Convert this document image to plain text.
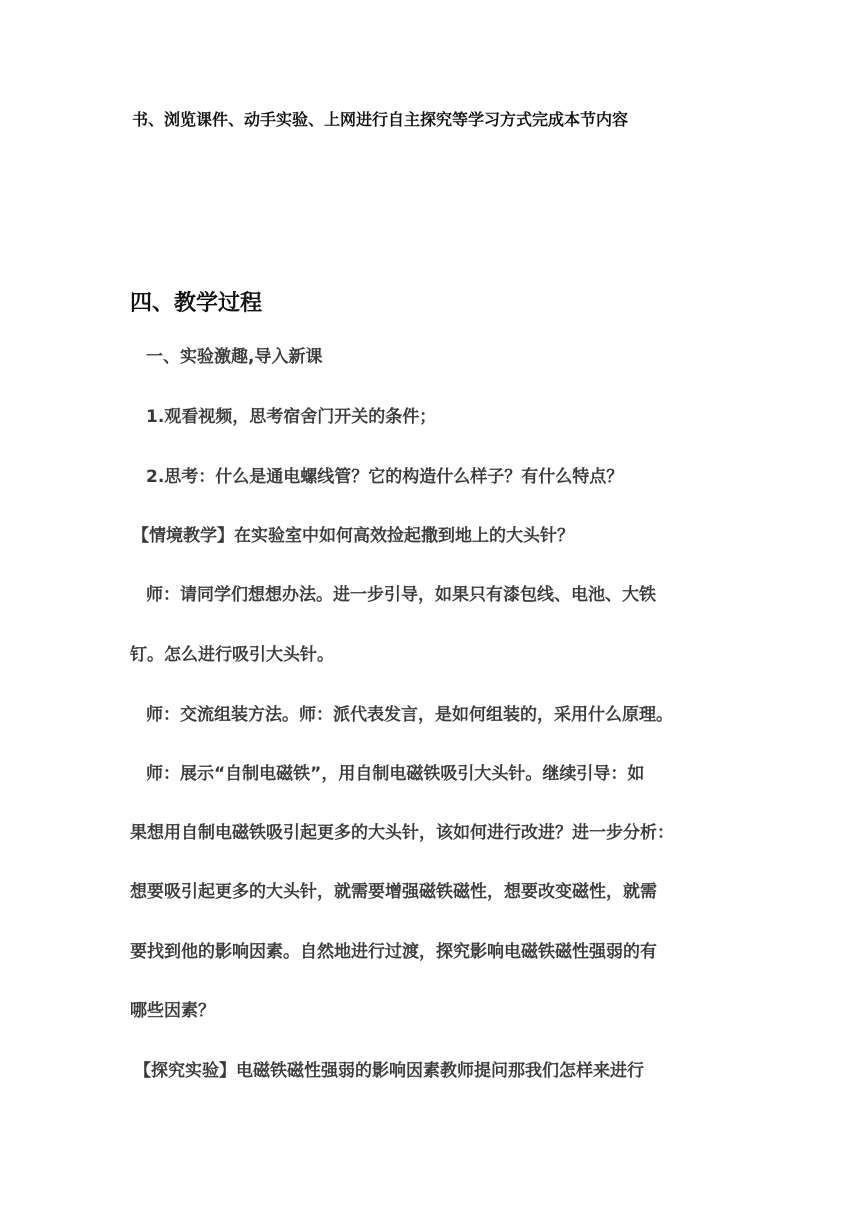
书、浏览课件、动手实验、上网进行自主探究等学习方式完成本节内容
四、教学过程
一、实验激趣,导入新课
1.观看视频，思考宿舍门开关的条件；
2.思考：什么是通电螺线管？它的构造什么样子？有什么特点？
【情境教学】在实验室中如何高效捡起撒到地上的大头针？
师：请同学们想想办法。进一步引导，如果只有漆包线、电池、大铁
钉。怎么进行吸引大头针。
师：交流组装方法。师：派代表发言，是如何组装的，采用什么原理。
师：展示“自制电磁铁”，用自制电磁铁吸引大头针。继续引导：如
果想用自制电磁铁吸引起更多的大头针，该如何进行改进？进一步分析：
想要吸引起更多的大头针，就需要增强磁铁磁性，想要改变磁性，就需
要找到他的影响因素。自然地进行过渡，探究影响电磁铁磁性强弱的有
哪些因素？
【探究实验】电磁铁磁性强弱的影响因素教师提问那我们怎样来进行
